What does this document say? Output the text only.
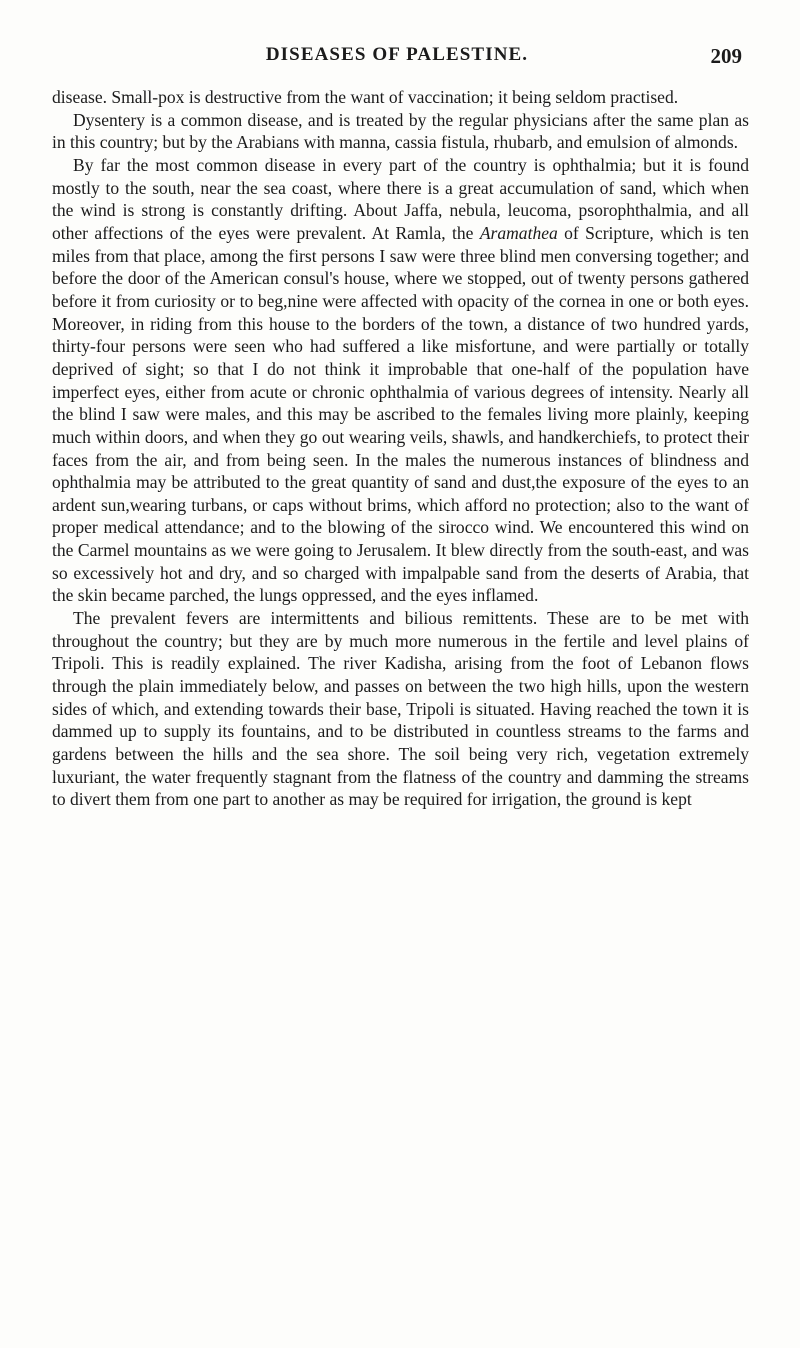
DISEASES OF PALESTINE.	209

disease. Small-pox is destructive from the want of vaccination; it being seldom practised.

Dysentery is a common disease, and is treated by the regular physicians after the same plan as in this country; but by the Arabians with manna, cassia fistula, rhubarb, and emulsion of almonds.

By far the most common disease in every part of the country is ophthalmia; but it is found mostly to the south, near the sea coast, where there is a great accumulation of sand, which when the wind is strong is constantly drifting. About Jaffa, nebula, leucoma, psorophthalmia, and all other affections of the eyes were prevalent. At Ramla, the Aramathea of Scripture, which is ten miles from that place, among the first persons I saw were three blind men conversing together; and before the door of the American consul's house, where we stopped, out of twenty persons gathered before it from curiosity or to beg,nine were affected with opacity of the cornea in one or both eyes. Moreover, in riding from this house to the borders of the town, a distance of two hundred yards, thirty-four persons were seen who had suffered a like misfortune, and were partially or totally deprived of sight; so that I do not think it improbable that one-half of the population have imperfect eyes, either from acute or chronic ophthalmia of various degrees of intensity. Nearly all the blind I saw were males, and this may be ascribed to the females living more plainly, keeping much within doors, and when they go out wearing veils, shawls, and handkerchiefs, to protect their faces from the air, and from being seen. In the males the numerous instances of blindness and ophthalmia may be attributed to the great quantity of sand and dust,the exposure of the eyes to an ardent sun,wearing turbans, or caps without brims, which afford no protection; also to the want of proper medical attendance; and to the blowing of the sirocco wind. We encountered this wind on the Carmel mountains as we were going to Jerusalem. It blew directly from the south-east, and was so excessively hot and dry, and so charged with impalpable sand from the deserts of Arabia, that the skin became parched, the lungs oppressed, and the eyes inflamed.

The prevalent fevers are intermittents and bilious remittents. These are to be met with throughout the country; but they are by much more numerous in the fertile and level plains of Tripoli. This is readily explained. The river Kadisha, arising from the foot of Lebanon flows through the plain immediately below, and passes on between the two high hills, upon the western sides of which, and extending towards their base, Tripoli is situated. Having reached the town it is dammed up to supply its fountains, and to be distributed in countless streams to the farms and gardens between the hills and the sea shore. The soil being very rich, vegetation extremely luxuriant, the water frequently stagnant from the flatness of the country and damming the streams to divert them from one part to another as may be required for irrigation, the ground is kept
